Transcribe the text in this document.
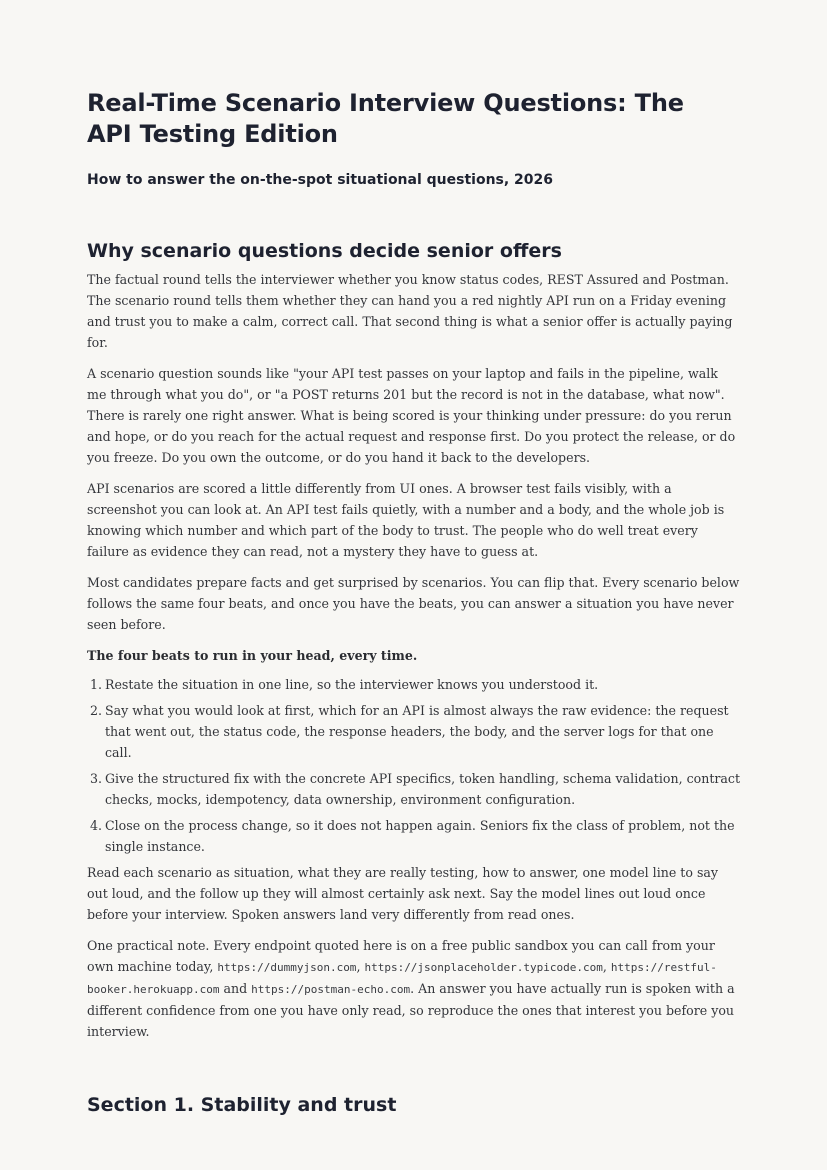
Real-Time Scenario Interview Questions: The API Testing Edition
How to answer the on-the-spot situational questions, 2026
Why scenario questions decide senior offers

The factual round tells the interviewer whether you know status codes, REST Assured and Postman. The scenario round tells them whether they can hand you a red nightly API run on a Friday evening and trust you to make a calm, correct call. That second thing is what a senior offer is actually paying for.

A scenario question sounds like "your API test passes on your laptop and fails in the pipeline, walk me through what you do", or "a POST returns 201 but the record is not in the database, what now". There is rarely one right answer. What is being scored is your thinking under pressure: do you rerun and hope, or do you reach for the actual request and response first. Do you protect the release, or do you freeze. Do you own the outcome, or do you hand it back to the developers.

API scenarios are scored a little differently from UI ones. A browser test fails visibly, with a screenshot you can look at. An API test fails quietly, with a number and a body, and the whole job is knowing which number and which part of the body to trust. The people who do well treat every failure as evidence they can read, not a mystery they have to guess at.

Most candidates prepare facts and get surprised by scenarios. You can flip that. Every scenario below follows the same four beats, and once you have the beats, you can answer a situation you have never seen before.

The four beats to run in your head, every time.

1. Restate the situation in one line, so the interviewer knows you understood it.
2. Say what you would look at first, which for an API is almost always the raw evidence: the request that went out, the status code, the response headers, the body, and the server logs for that one call.
3. Give the structured fix with the concrete API specifics, token handling, schema validation, contract checks, mocks, idempotency, data ownership, environment configuration.
4. Close on the process change, so it does not happen again. Seniors fix the class of problem, not the single instance.

Read each scenario as situation, what they are really testing, how to answer, one model line to say out loud, and the follow up they will almost certainly ask next. Say the model lines out loud once before your interview. Spoken answers land very differently from read ones.

One practical note. Every endpoint quoted here is on a free public sandbox you can call from your own machine today, https://dummyjson.com, https://jsonplaceholder.typicode.com, https://restful-booker.herokuapp.com and https://postman-echo.com. An answer you have actually run is spoken with a different confidence from one you have only read, so reproduce the ones that interest you before you interview.

Section 1. Stability and trust
